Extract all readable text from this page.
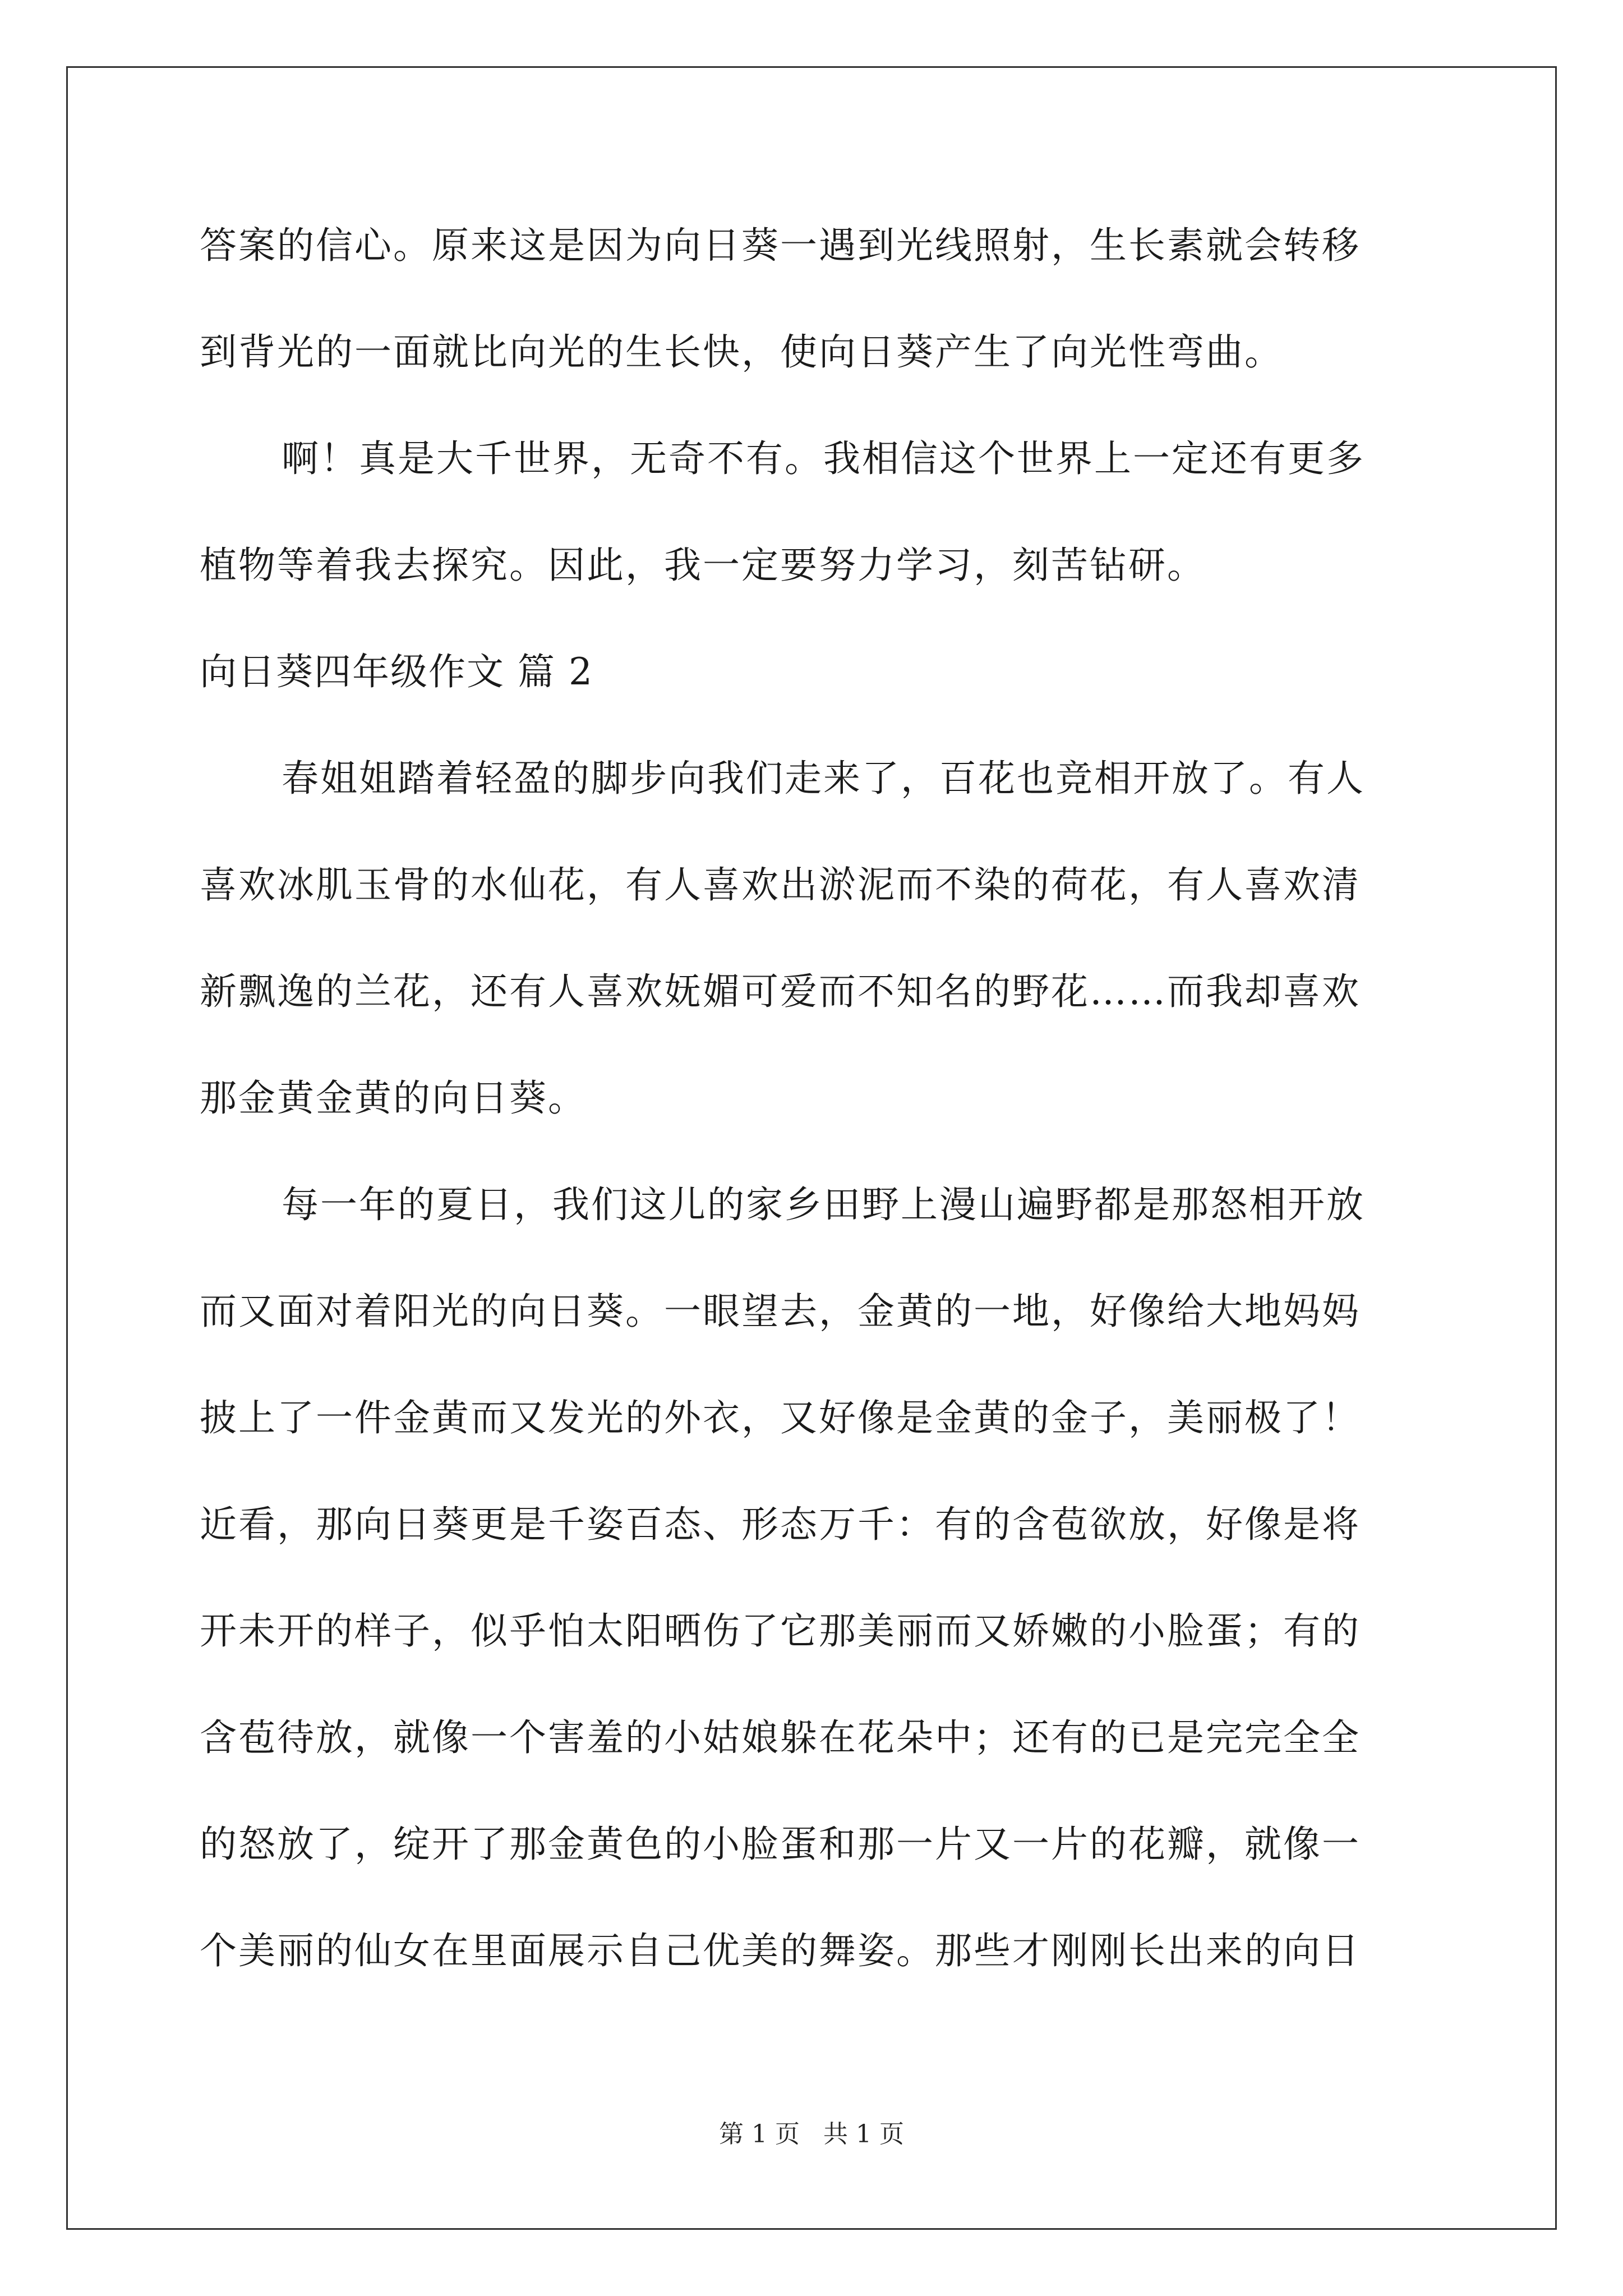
答案的信心。原来这是因为向日葵一遇到光线照射，生长素就会转移
到背光的一面就比向光的生长快，使向日葵产生了向光性弯曲。
啊！真是大千世界，无奇不有。我相信这个世界上一定还有更多
植物等着我去探究。因此，我一定要努力学习，刻苦钻研。
向日葵四年级作文 篇 2
春姐姐踏着轻盈的脚步向我们走来了，百花也竞相开放了。有人
喜欢冰肌玉骨的水仙花，有人喜欢出淤泥而不染的荷花，有人喜欢清
新飘逸的兰花，还有人喜欢妩媚可爱而不知名的野花……而我却喜欢
那金黄金黄的向日葵。
每一年的夏日，我们这儿的家乡田野上漫山遍野都是那怒相开放
而又面对着阳光的向日葵。一眼望去，金黄的一地，好像给大地妈妈
披上了一件金黄而又发光的外衣，又好像是金黄的金子，美丽极了！
近看，那向日葵更是千姿百态、形态万千：有的含苞欲放，好像是将
开未开的样子，似乎怕太阳晒伤了它那美丽而又娇嫩的小脸蛋；有的
含苞待放，就像一个害羞的小姑娘躲在花朵中；还有的已是完完全全
的怒放了，绽开了那金黄色的小脸蛋和那一片又一片的花瓣，就像一
个美丽的仙女在里面展示自己优美的舞姿。那些才刚刚长出来的向日
第 1 页 共 1 页
